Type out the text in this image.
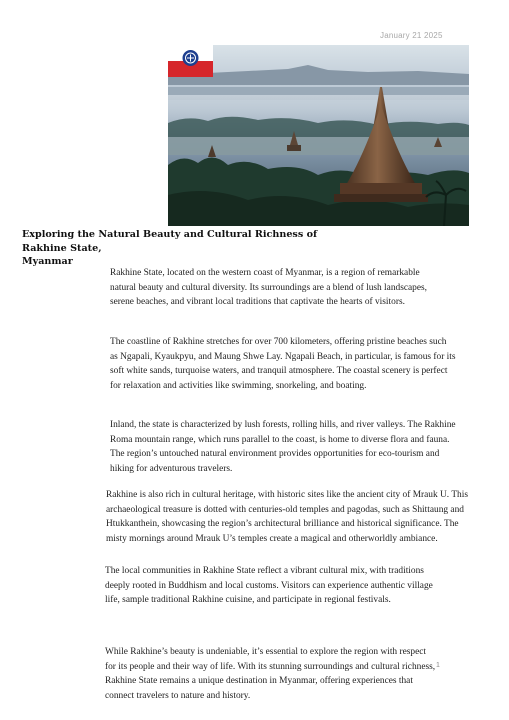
January 21 2025
Exploring the Natural Beauty and Cultural Richness of Rakhine State,
Myanmar

Rakhine State, located on the western coast of Myanmar, is a region of remarkable natural beauty and cultural diversity. Its surroundings are a blend of lush landscapes, serene beaches, and vibrant local traditions that captivate the hearts of visitors.

The coastline of Rakhine stretches for over 700 kilometers, offering pristine beaches such as Ngapali, Kyaukpyu, and Maung Shwe Lay. Ngapali Beach, in particular, is famous for its soft white sands, turquoise waters, and tranquil atmosphere. The coastal scenery is perfect for relaxation and activities like swimming, snorkeling, and boating.

Inland, the state is characterized by lush forests, rolling hills, and river valleys. The Rakhine Roma mountain range, which runs parallel to the coast, is home to diverse flora and fauna. The region’s untouched natural environment provides opportunities for eco-tourism and hiking for adventurous travelers.

Rakhine is also rich in cultural heritage, with historic sites like the ancient city of Mrauk U. This archaeological treasure is dotted with centuries-old temples and pagodas, such as Shittaung and Htukkanthein, showcasing the region’s architectural brilliance and historical significance. The misty mornings around Mrauk U’s temples create a magical and otherworldly ambiance.

The local communities in Rakhine State reflect a vibrant cultural mix, with traditions deeply rooted in Buddhism and local customs. Visitors can experience authentic village life, sample traditional Rakhine cuisine, and participate in regional festivals.

While Rakhine’s beauty is undeniable, it’s essential to explore the region with respect for its people and their way of life. With its stunning surroundings and cultural richness, Rakhine State remains a unique destination in Myanmar, offering experiences that connect travelers to nature and history.

1
